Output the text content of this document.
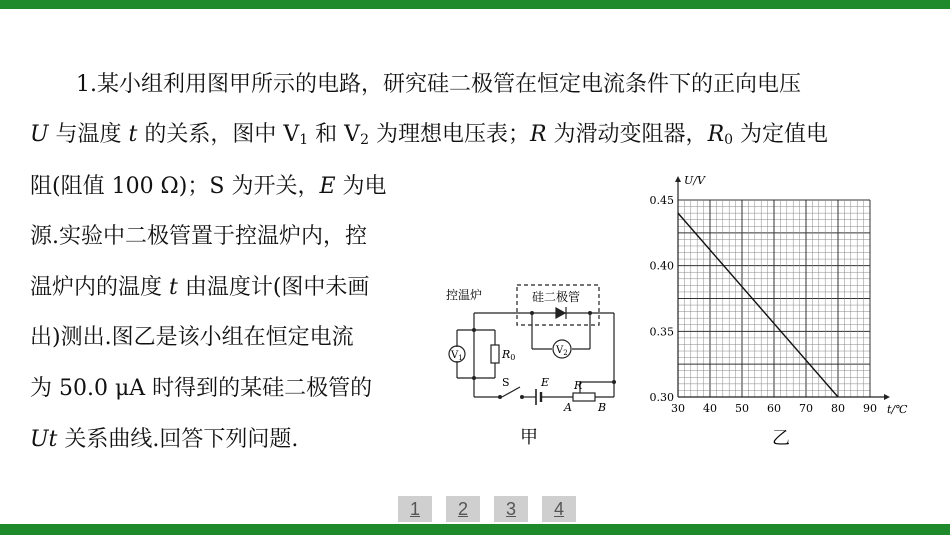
1.某小组利用图甲所示的电路，研究硅二极管在恒定电流条件下的正向电压
U 与温度 t 的关系，图中 $V_1$ 和 $V_2$ 为理想电压表；R 为滑动变阻器，$R_0$ 为定值电
阻(阻值 100 Ω)；S 为开关，E 为电
源.实验中二极管置于控温炉内，控
温炉内的温度 t 由温度计(图中未画
出)测出.图乙是该小组在恒定电流
为 50.0 μA 时得到的某硅二极管的
Ut 关系曲线.回答下列问题.
控温炉	硅二极管
$V_1$
$V_2$
R0
S	E R
A B
甲
30 40 50 60 70 80 90
0.30
0.35
0.40
0.45
U/V
t/℃
乙
1	2	3	4
